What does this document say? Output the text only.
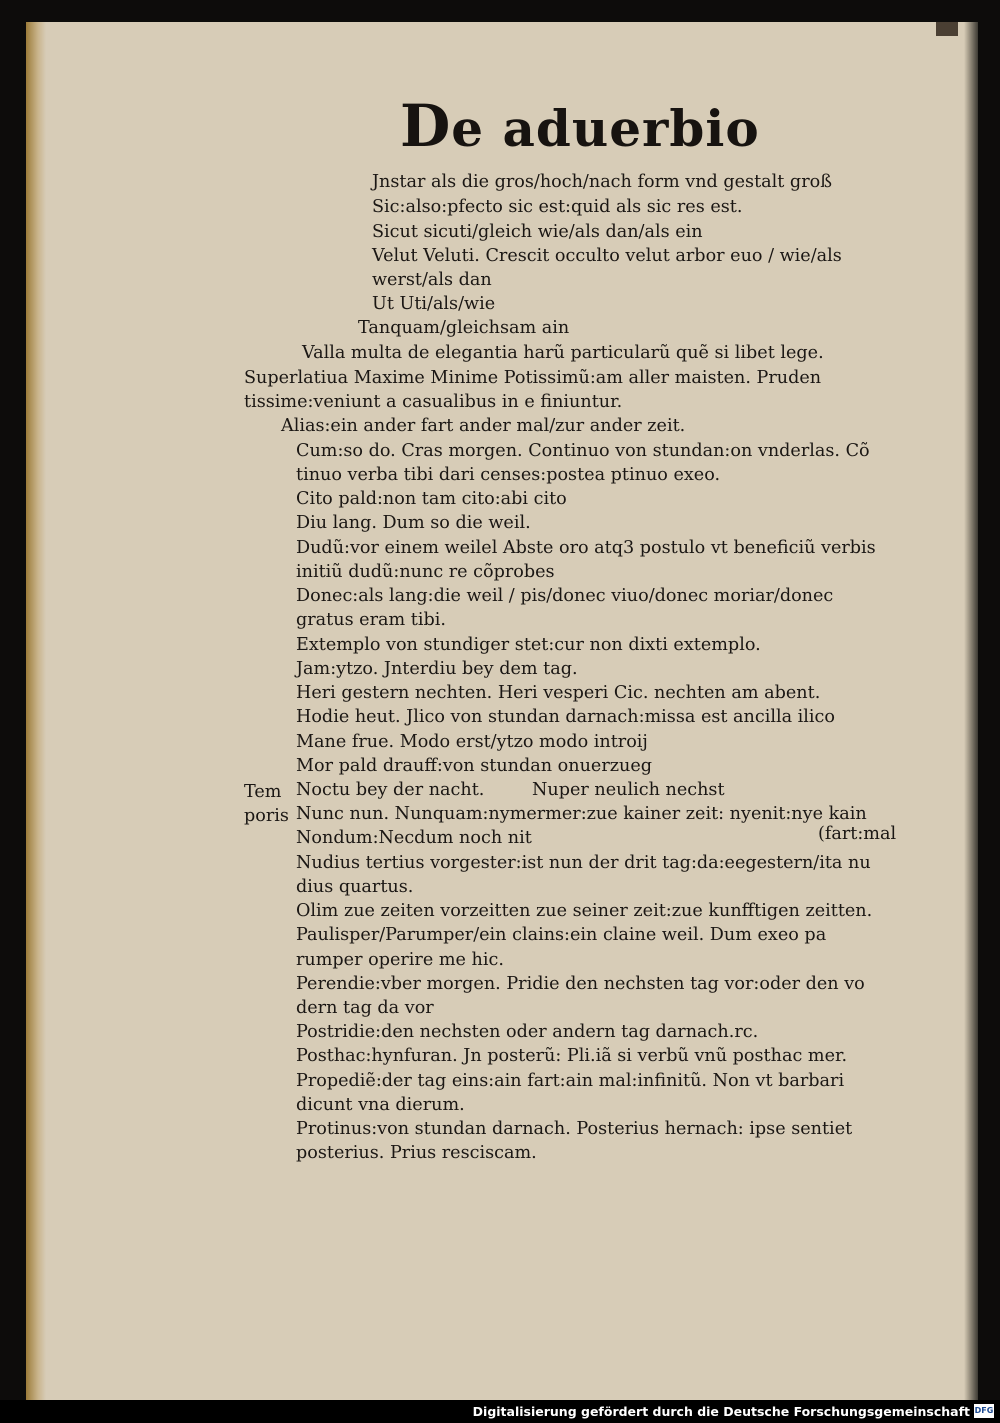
De aduerbio
Jnstar als die gros/hoch/nach form vnd gestalt groß
Sic:also:pfecto sic est:quid als sic res est.
Sicut sicuti/gleich wie/als dan/als ein
Velut Veluti. Crescit occulto velut arbor euo / wie/als
werst/als dan
Ut Uti/als/wie
Tanquam/gleichsam ain
Valla multa de elegantia harũ particularũ quẽ si libet lege.
Superlatiua Maxime Minime Potissimũ:am aller maisten. Pruden
tissime:veniunt a casualibus in e finiuntur.
Alias:ein ander fart ander mal/zur ander zeit.
Cum:so do. Cras morgen. Continuo von stundan:on vnderlas. Cõ
tinuo verba tibi dari censes:postea ptinuo exeo.
Cito pald:non tam cito:abi cito
Diu lang. Dum so die weil.
Dudũ:vor einem weilel Abste oro atq3 postulo vt beneficiũ verbis
initiũ dudũ:nunc re cõprobes
Donec:als lang:die weil / pis/donec viuo/donec moriar/donec
gratus eram tibi.
Extemplo von stundiger stet:cur non dixti extemplo.
Jam:ytzo. Jnterdiu bey dem tag.
Heri gestern nechten. Heri vesperi Cic. nechten am abent.
Hodie heut. Jlico von stundan darnach:missa est ancilla ilico
Mane frue. Modo erst/ytzo modo introij
Mor pald drauff:von stundan onuerzueg
Noctu bey der nacht.	Nuper neulich nechst
Nunc nun. Nunquam:nymermer:zue kainer zeit: nyenit:nye kain
Nondum:Necdum noch nit	(fart:mal
Nudius tertius vorgester:ist nun der drit tag:da:eegestern/ita nu
dius quartus.
Olim zue zeiten vorzeitten zue seiner zeit:zue kunfftigen zeitten.
Paulisper/Parumper/ein clains:ein claine weil. Dum exeo pa
rumper operire me hic.
Perendie:vber morgen. Pridie den nechsten tag vor:oder den vo
dern tag da vor
Postridie:den nechsten oder andern tag darnach.rc.
Posthac:hynfuran. Jn posterũ: Pli.iã si verbũ vnũ posthac mer.
Propediẽ:der tag eins:ain fart:ain mal:infinitũ. Non vt barbari
dicunt vna dierum.
Protinus:von stundan darnach. Posterius hernach: ipse sentiet
posterius. Prius resciscam.
Tem
poris
Digitalisierung gefördert durch die Deutsche Forschungsgemeinschaft DFG
